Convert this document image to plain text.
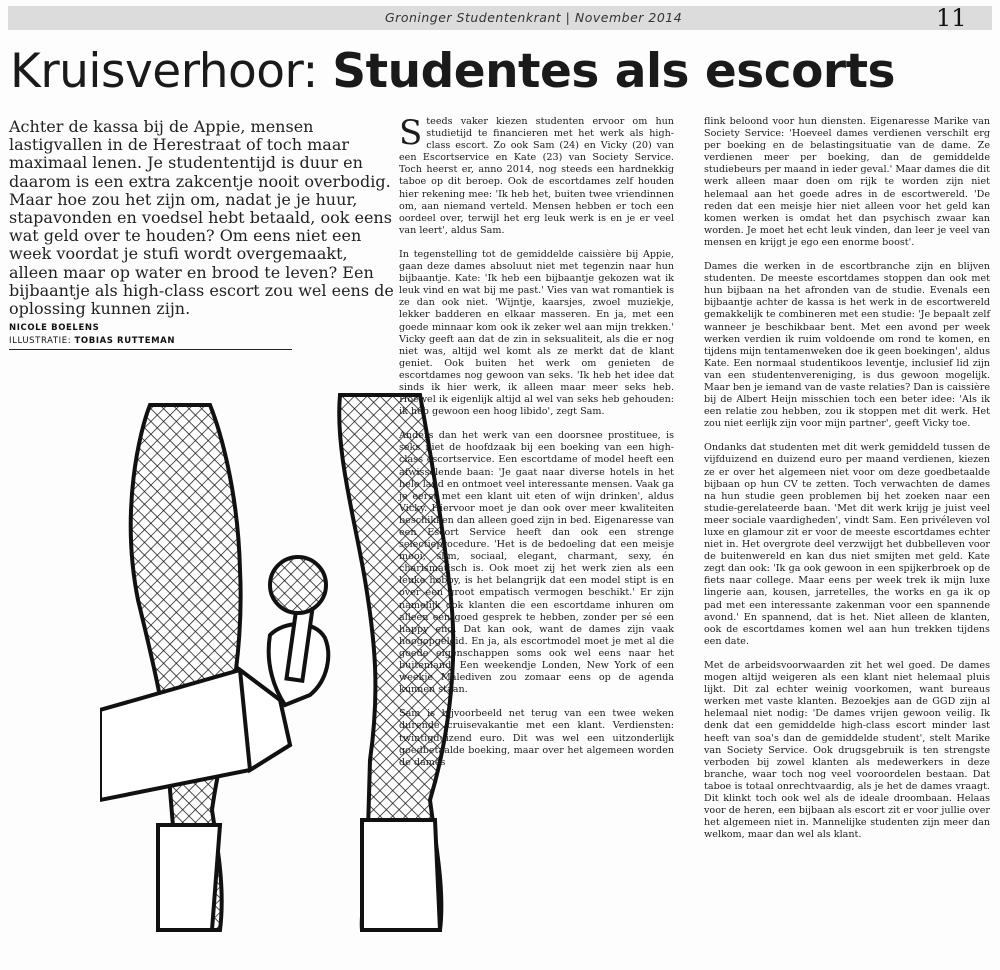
Groninger Studentenkrant | November 2014	11
Kruisverhoor: Studentes als escorts

Achter de kassa bij de Appie, mensen lastigvallen in de Herestraat of toch maar maximaal lenen. Je studententijd is duur en daarom is een extra zakcentje nooit overbodig. Maar hoe zou het zijn om, nadat je je huur, stapavonden en voedsel hebt betaald, ook eens wat geld over te houden? Om eens niet een week voordat je stufi wordt overgemaakt, alleen maar op water en brood te leven? Een bijbaantje als high-class escort zou wel eens de oplossing kunnen zijn.

NICOLE BOELENS
ILLUSTRATIE: TOBIAS RUTTEMAN

Steeds vaker kiezen studenten ervoor om hun studietijd te financieren met het werk als high-class escort. Zo ook Sam (24) en Vicky (20) van een Escortservice en Kate (23) van Society Service. Toch heerst er, anno 2014, nog steeds een hardnekkig taboe op dit beroep. Ook de escortdames zelf houden hier rekening mee: 'Ik heb het, buiten twee vriendinnen om, aan niemand verteld. Mensen hebben er toch een oordeel over, terwijl het erg leuk werk is en je er veel van leert', aldus Sam.

In tegenstelling tot de gemiddelde caissière bij Appie, gaan deze dames absoluut niet met tegenzin naar hun bijbaantje. Kate: 'Ik heb een bijbaantje gekozen wat ik leuk vind en wat bij me past.' Vies van wat romantiek is ze dan ook niet. 'Wijntje, kaarsjes, zwoel muziekje, lekker badderen en elkaar masseren. En ja, met een goede minnaar kom ook ik zeker wel aan mijn trekken.' Vicky geeft aan dat de zin in seksualiteit, als die er nog niet was, altijd wel komt als ze merkt dat de klant geniet. Ook buiten het werk om genieten de escortdames nog gewoon van seks. 'Ik heb het idee dat sinds ik hier werk, ik alleen maar meer seks heb. Hoewel ik eigenlijk altijd al wel van seks heb gehouden: ik heb gewoon een hoog libido', zegt Sam.

Anders dan het werk van een doorsnee prostituee, is seks niet de hoofdzaak bij een boeking van een high-class escortservice. Een escortdame of model heeft een afwisselende baan: 'Je gaat naar diverse hotels in het hele land en ontmoet veel interessante mensen. Vaak ga je eerst met een klant uit eten of wijn drinken', aldus Vicky. Hiervoor moet je dan ook over meer kwaliteiten beschikken dan alleen goed zijn in bed. Eigenaresse van een Escort Service heeft dan ook een strenge selectieprocedure. 'Het is de bedoeling dat een meisje mooi, slim, sociaal, elegant, charmant, sexy, én charismatisch is. Ook moet zij het werk zien als een leuke hobby, is het belangrijk dat een model stipt is en over een groot empatisch vermogen beschikt.' Er zijn namelijk ook klanten die een escortdame inhuren om alleen een goed gesprek te hebben, zonder per sé een happy end. Dat kan ook, want de dames zijn vaak hoogopgeleid. En ja, als escortmodel moet je met al die goede eigenschappen soms ook wel eens naar het buitenland. Een weekendje Londen, New York of een weekje Malediven zou zomaar eens op de agenda kunnen staan.

Sam is bijvoorbeeld net terug van een twee weken durende cruisevakantie met een klant. Verdiensten: twintigduizend euro. Dit was wel een uitzonderlijk goedbetaalde boeking, maar over het algemeen worden de dames

flink beloond voor hun diensten. Eigenaresse Marike van Society Service: 'Hoeveel dames verdienen verschilt erg per boeking en de belastingsituatie van de dame. Ze verdienen meer per boeking, dan de gemiddelde studiebeurs per maand in ieder geval.' Maar dames die dit werk alleen maar doen om rijk te worden zijn niet helemaal aan het goede adres in de escortwereld. 'De reden dat een meisje hier niet alleen voor het geld kan komen werken is omdat het dan psychisch zwaar kan worden. Je moet het echt leuk vinden, dan leer je veel van mensen en krijgt je ego een enorme boost'.

Dames die werken in de escortbranche zijn en blijven studenten. De meeste escortdames stoppen dan ook met hun bijbaan na het afronden van de studie. Evenals een bijbaantje achter de kassa is het werk in de escortwereld gemakkelijk te combineren met een studie: 'Je bepaalt zelf wanneer je beschikbaar bent. Met een avond per week werken verdien ik ruim voldoende om rond te komen, en tijdens mijn tentamenweken doe ik geen boekingen', aldus Kate. Een normaal studentikoos leventje, inclusief lid zijn van een studentenvereniging, is dus gewoon mogelijk. Maar ben je iemand van de vaste relaties? Dan is caissière bij de Albert Heijn misschien toch een beter idee: 'Als ik een relatie zou hebben, zou ik stoppen met dit werk. Het zou niet eerlijk zijn voor mijn partner', geeft Vicky toe.

Ondanks dat studenten met dit werk gemiddeld tussen de vijfduizend en duizend euro per maand verdienen, kiezen ze er over het algemeen niet voor om deze goedbetaalde bijbaan op hun CV te zetten. Toch verwachten de dames na hun studie geen problemen bij het zoeken naar een studie-gerelateerde baan. 'Met dit werk krijg je juist veel meer sociale vaardigheden', vindt Sam. Een privéleven vol luxe en glamour zit er voor de meeste escortdames echter niet in. Het overgrote deel verzwijgt het dubbelleven voor de buitenwereld en kan dus niet smijten met geld. Kate zegt dan ook: 'Ik ga ook gewoon in een spijkerbroek op de fiets naar college. Maar eens per week trek ik mijn luxe lingerie aan, kousen, jarretelles, the works en ga ik op pad met een interessante zakenman voor een spannende avond.' En spannend, dat is het. Niet alleen de klanten, ook de escortdames komen wel aan hun trekken tijdens een date.

Met de arbeidsvoorwaarden zit het wel goed. De dames mogen altijd weigeren als een klant niet helemaal pluis lijkt. Dit zal echter weinig voorkomen, want bureaus werken met vaste klanten. Bezoekjes aan de GGD zijn al helemaal niet nodig: 'De dames vrijen gewoon veilig. Ik denk dat een gemiddelde high-class escort minder last heeft van soa's dan de gemiddelde student', stelt Marike van Society Service. Ook drugsgebruik is ten strengste verboden bij zowel klanten als medewerkers in deze branche, waar toch nog veel vooroordelen bestaan. Dat taboe is totaal onrechtvaardig, als je het de dames vraagt. Dit klinkt toch ook wel als de ideale droombaan. Helaas voor de heren, een bijbaan als escort zit er voor jullie over het algemeen niet in. Mannelijke studenten zijn meer dan welkom, maar dan wel als klant.
